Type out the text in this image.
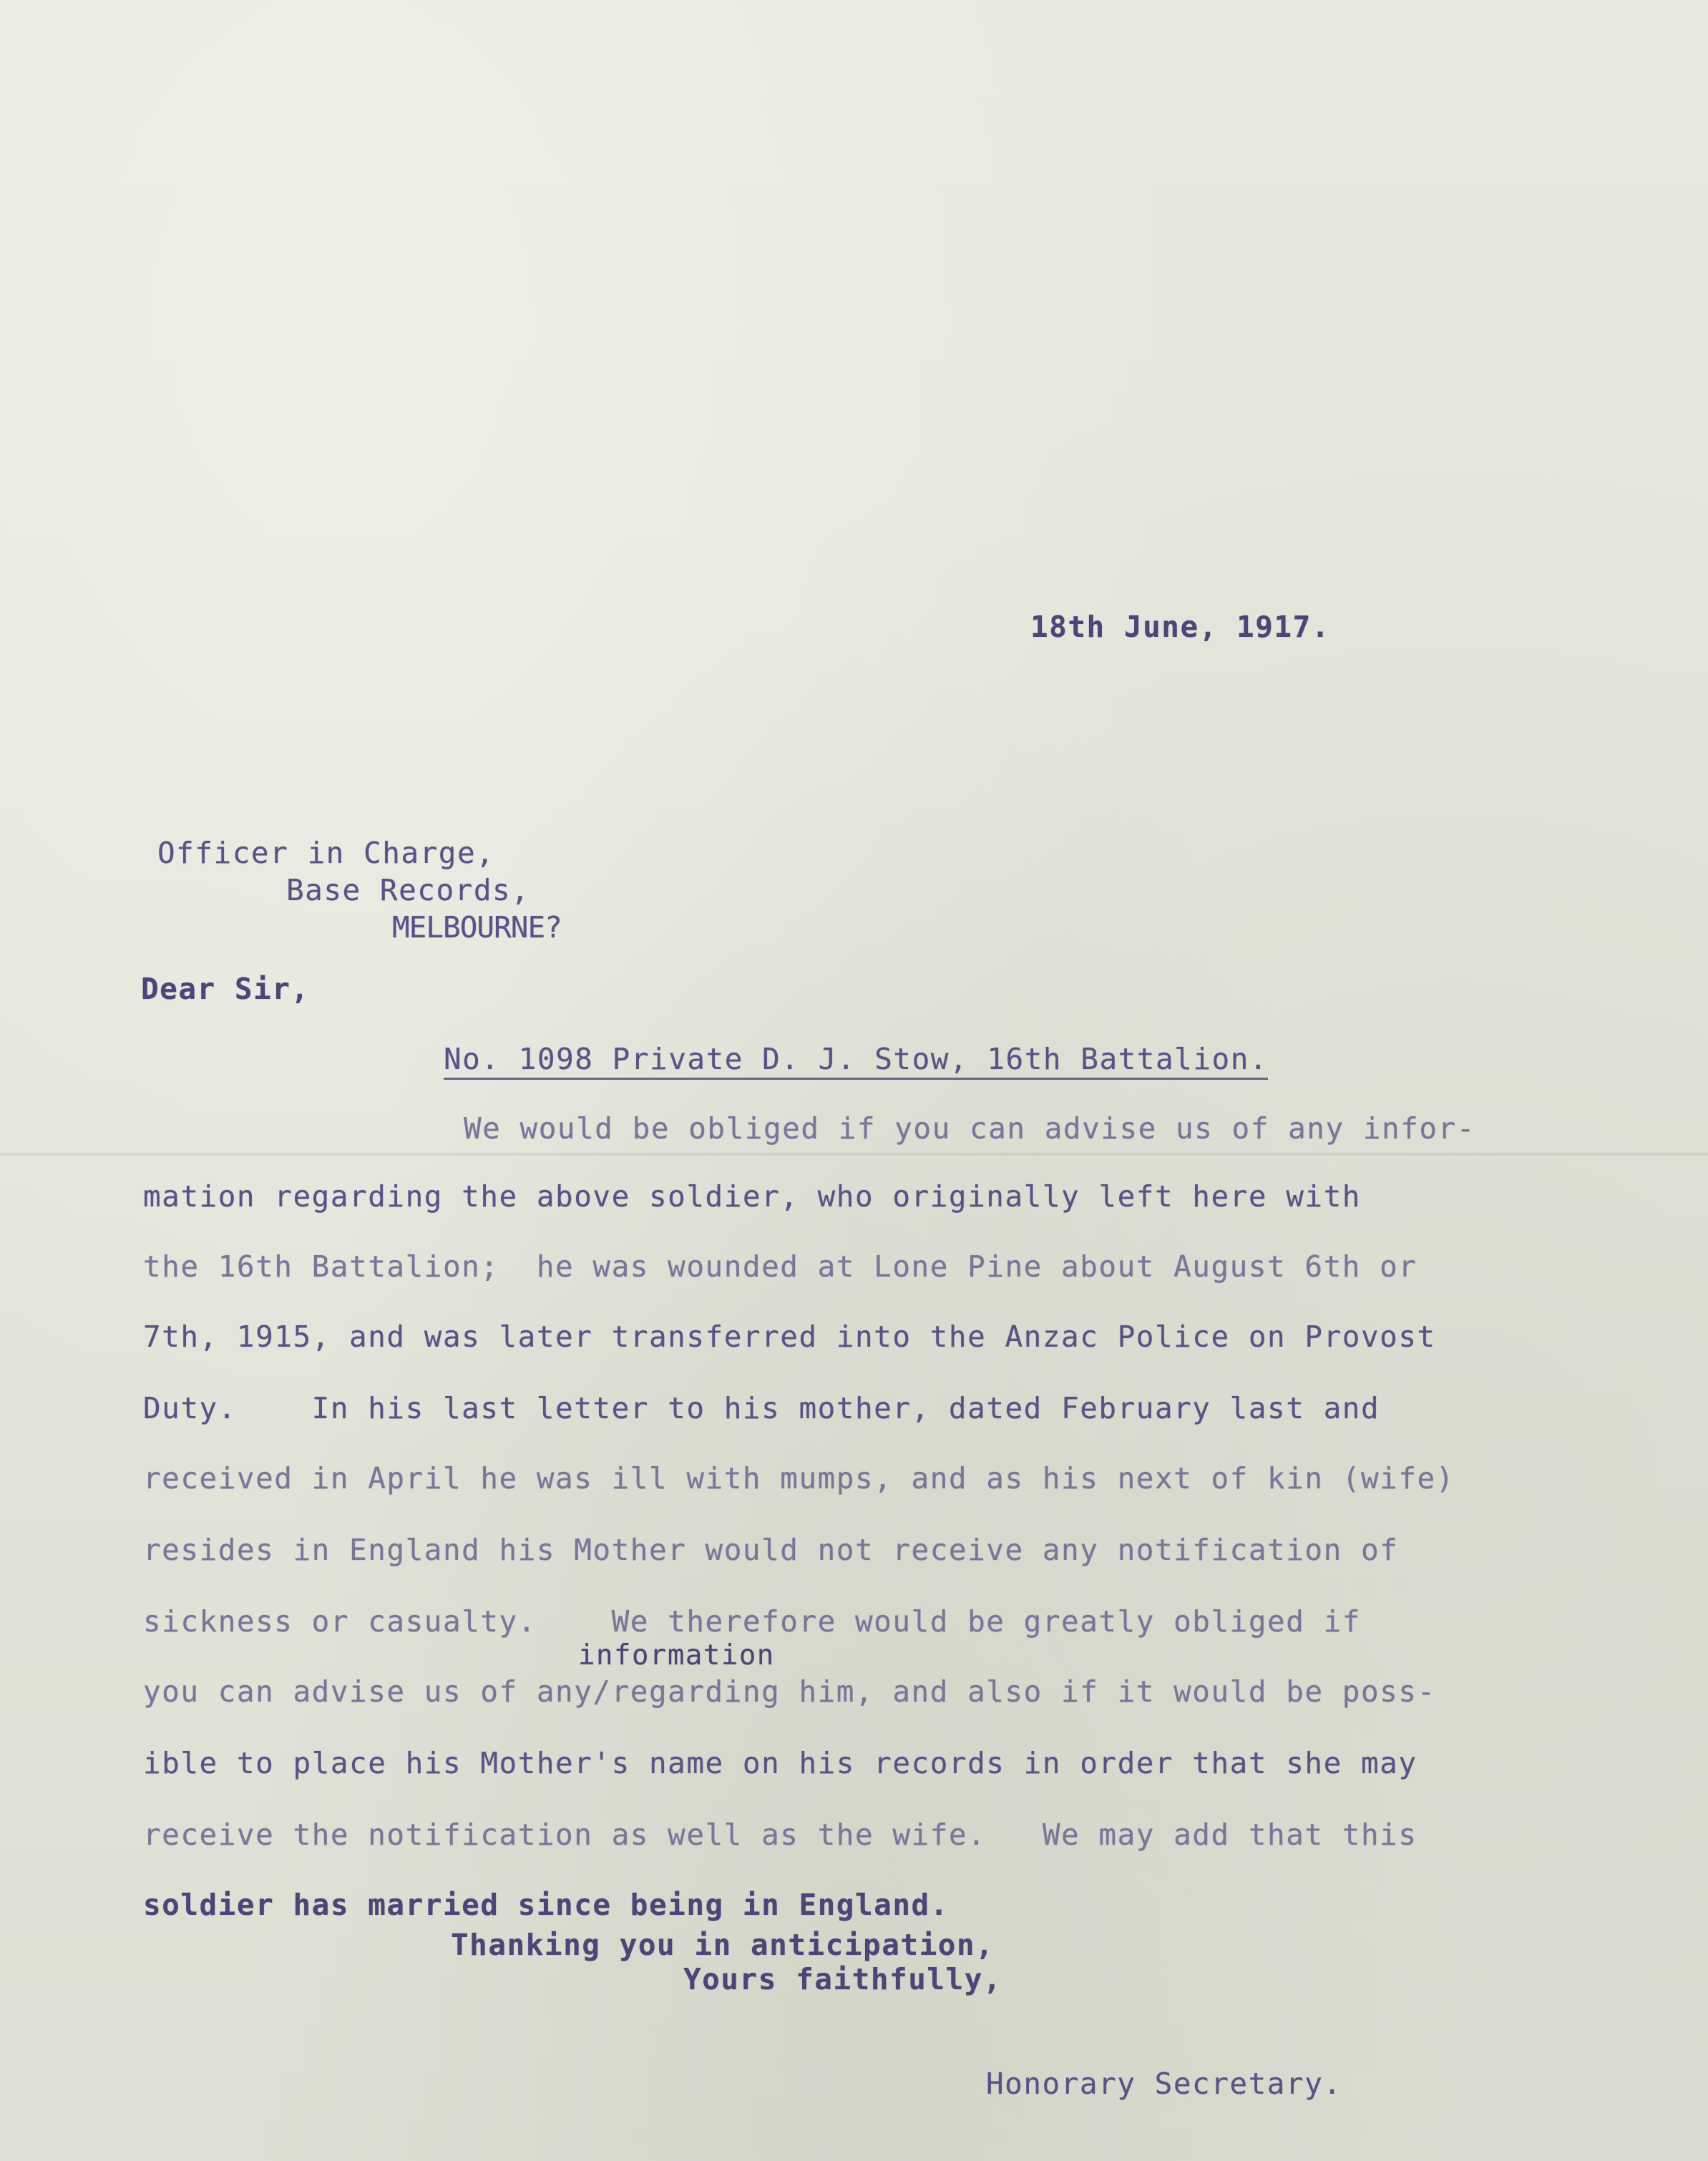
18th June, 1917.
Officer in Charge,
Base Records,
MELBOURNE?
Dear Sir,
No. 1098 Private D. J. Stow, 16th Battalion.
We would be obliged if you can advise us of any infor-
mation regarding the above soldier, who originally left here with
the 16th Battalion;  he was wounded at Lone Pine about August 6th or
7th, 1915, and was later transferred into the Anzac Police on Provost
Duty.    In his last letter to his mother, dated February last and
received in April he was ill with mumps, and as his next of kin (wife)
resides in England his Mother would not receive any notification of
sickness or casualty.    We therefore would be greatly obliged if
information
you can advise us of any/regarding him, and also if it would be poss-
ible to place his Mother's name on his records in order that she may
receive the notification as well as the wife.   We may add that this
soldier has married since being in England.
Thanking you in anticipation,
Yours faithfully,
Honorary Secretary.
